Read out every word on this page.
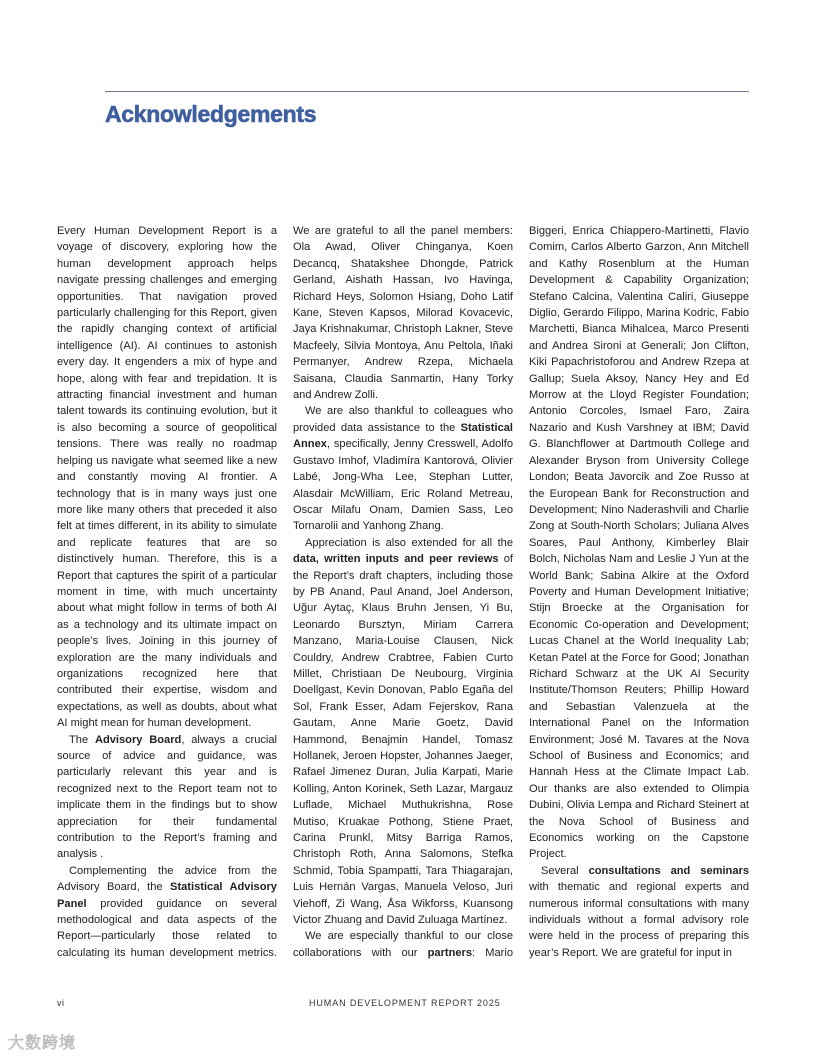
Acknowledgements

Every Human Development Report is a voyage of discovery, exploring how the human development approach helps navigate pressing challenges and emerging opportunities. That navigation proved particularly challenging for this Report, given the rapidly changing context of artificial intelligence (AI). AI continues to astonish every day. It engenders a mix of hype and hope, along with fear and trepidation. It is attracting financial investment and human talent towards its continuing evolution, but it is also becoming a source of geopolitical tensions. There was really no roadmap helping us navigate what seemed like a new and constantly moving AI frontier. A technology that is in many ways just one more like many others that preceded it also felt at times different, in its ability to simulate and replicate features that are so distinctively human. Therefore, this is a Report that captures the spirit of a particular moment in time, with much uncertainty about what might follow in terms of both AI as a technology and its ultimate impact on people’s lives. Joining in this journey of exploration are the many individuals and organizations recognized here that contributed their expertise, wisdom and expectations, as well as doubts, about what AI might mean for human development.

The Advisory Board, always a crucial source of advice and guidance, was particularly relevant this year and is recognized next to the Report team not to implicate them in the findings but to show appreciation for their fundamental contribution to the Report’s framing and analysis .

Complementing the advice from the Advisory Board, the Statistical Advisory Panel provided guidance on several methodological and data aspects of the Report—particularly those related to calculating its human development metrics. We are grateful to all the panel members: Ola Awad, Oliver Chinganya, Koen Decancq, Shatakshee Dhongde, Patrick Gerland, Aishath Hassan, Ivo Havinga, Richard Heys, Solomon Hsiang, Doho Latif Kane, Steven Kapsos, Milorad Kovacevic, Jaya Krishnakumar, Christoph Lakner, Steve Macfeely, Silvia Montoya, Anu Peltola, Iñaki Permanyer, Andrew Rzepa, Michaela Saisana, Claudia Sanmartin, Hany Torky and Andrew Zolli.

We are also thankful to colleagues who provided data assistance to the Statistical Annex, specifically, Jenny Cresswell, Adolfo Gustavo Imhof, Vladimíra Kantorová, Olivier Labé, Jong-Wha Lee, Stephan Lutter, Alasdair McWilliam, Eric Roland Metreau, Oscar Milafu Onam, Damien Sass, Leo Tornarolii and Yanhong Zhang.

Appreciation is also extended for all the data, written inputs and peer reviews of the Report’s draft chapters, including those by PB Anand, Paul Anand, Joel Anderson, Uğur Aytaç, Klaus Bruhn Jensen, Yi Bu, Leonardo Bursztyn, Miriam Carrera Manzano, Maria-Louise Clausen, Nick Couldry, Andrew Crabtree, Fabien Curto Millet, Christiaan De Neubourg, Virginia Doellgast, Kevin Donovan, Pablo Egaña del Sol, Frank Esser, Adam Fejerskov, Rana Gautam, Anne Marie Goetz, David Hammond, Benajmin Handel, Tomasz Hollanek, Jeroen Hopster, Johannes Jaeger, Rafael Jimenez Duran, Julia Karpati, Marie Kolling, Anton Korinek, Seth Lazar, Margauz Luflade, Michael Muthukrishna, Rose Mutiso, Kruakae Pothong, Stiene Praet, Carina Prunkl, Mitsy Barriga Ramos, Christoph Roth, Anna Salomons, Stefka Schmid, Tobia Spampatti, Tara Thiagarajan, Luis Hernán Vargas, Manuela Veloso, Juri Viehoff, Zi Wang, Åsa Wikforss, Kuansong Victor Zhuang and David Zuluaga Martínez.

We are especially thankful to our close collaborations with our partners: Mario Biggeri, Enrica Chiappero-Martinetti, Flavio Comim, Carlos Alberto Garzon, Ann Mitchell and Kathy Rosenblum at the Human Development & Capability Organization; Stefano Calcina, Valentina Caliri, Giuseppe Diglio, Gerardo Filippo, Marina Kodric, Fabio Marchetti, Bianca Mihalcea, Marco Presenti and Andrea Sironi at Generali; Jon Clifton, Kiki Papachristoforou and Andrew Rzepa at Gallup; Suela Aksoy, Nancy Hey and Ed Morrow at the Lloyd Register Foundation; Antonio Corcoles, Ismael Faro, Zaira Nazario and Kush Varshney at IBM; David G. Blanchflower at Dartmouth College and Alexander Bryson from University College London; Beata Javorcik and Zoe Russo at the European Bank for Reconstruction and Development; Nino Naderashvili and Charlie Zong at South-North Scholars; Juliana Alves Soares, Paul Anthony, Kimberley Blair Bolch, Nicholas Nam and Leslie J Yun at the World Bank; Sabina Alkire at the Oxford Poverty and Human Development Initiative; Stijn Broecke at the Organisation for Economic Co-operation and Development; Lucas Chanel at the World Inequality Lab; Ketan Patel at the Force for Good; Jonathan Richard Schwarz at the UK AI Security Institute/Thomson Reuters; Phillip Howard and Sebastian Valenzuela at the International Panel on the Information Environment; José M. Tavares at the Nova School of Business and Economics; and Hannah Hess at the Climate Impact Lab. Our thanks are also extended to Olimpia Dubini, Olivia Lempa and Richard Steinert at the Nova School of Business and Economics working on the Capstone Project.

Several consultations and seminars with thematic and regional experts and numerous informal consultations with many individuals without a formal advisory role were held in the process of preparing this year’s Report. We are grateful for input in

vi	HUMAN DEVELOPMENT REPORT 2025
大数跨境
